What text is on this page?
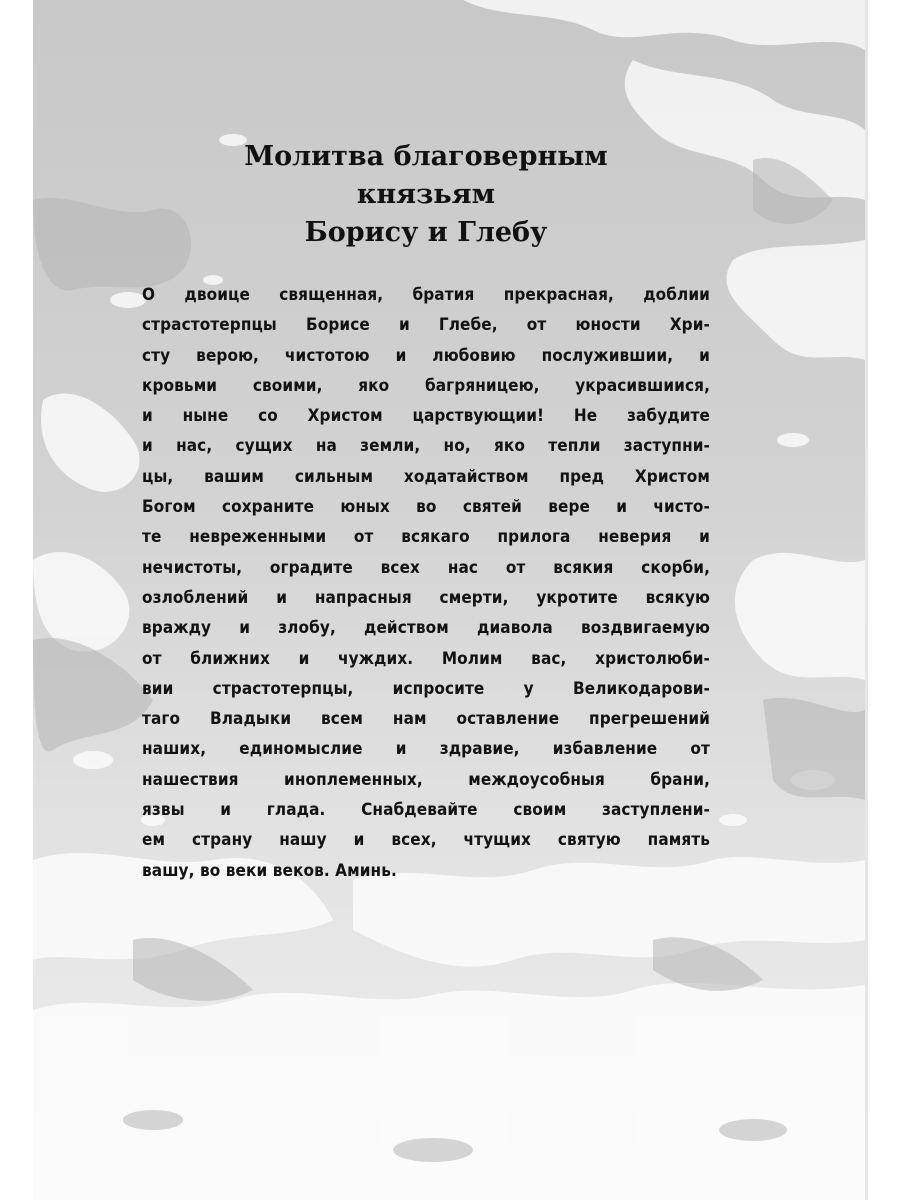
Молитва благоверным
князьям
Борису и Глебу
О двоице священная, братия прекрасная, доблии
страстотерпцы Борисе и Глебе, от юности Хри-
сту верою, чистотою и любовию послужившии, и
кровьми своими, яко багряницею, украсившиися,
и ныне со Христом царствующии! Не забудите
и нас, сущих на земли, но, яко тепли заступни-
цы, вашим сильным ходатайством пред Христом
Богом сохраните юных во святей вере и чисто-
те невреженными от всякаго прилога неверия и
нечистоты, оградите всех нас от всякия скорби,
озлоблений и напрасныя смерти, укротите всякую
вражду и злобу, действом диавола воздвигаемую
от ближних и чуждих. Молим вас, христолюби-
вии страстотерпцы, испросите у Великодарови-
таго Владыки всем нам оставление прегрешений
наших, единомыслие и здравие, избавление от
нашествия иноплеменных, междоусобныя брани,
язвы и глада. Снабдевайте своим заступлени-
ем страну нашу и всех, чтущих святую память
вашу, во веки веков. Аминь.
